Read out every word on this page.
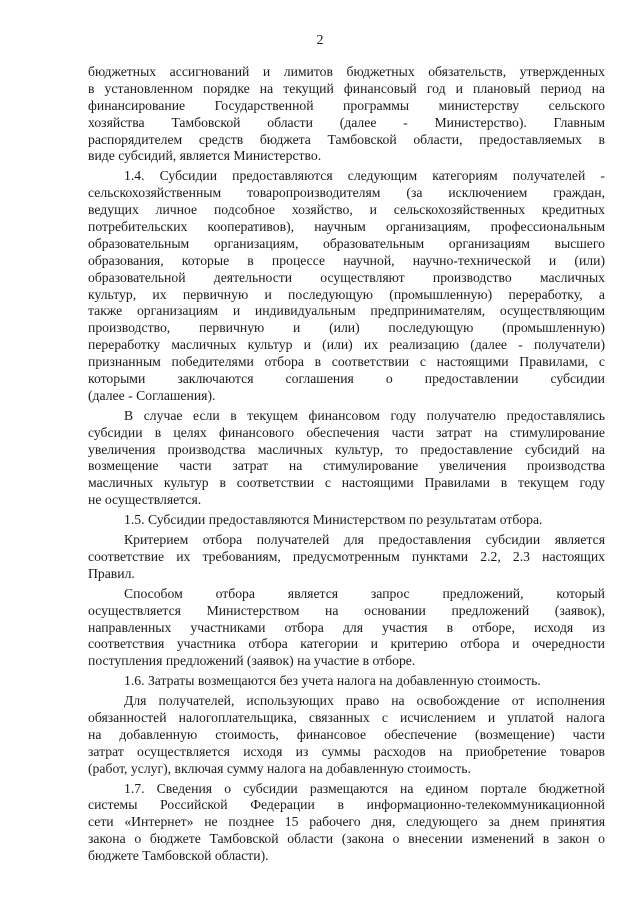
2
бюджетных ассигнований и лимитов бюджетных обязательств, утвержденных
в установленном порядке на текущий финансовый год и плановый период на
финансирование Государственной программы министерству сельского
хозяйства Тамбовской области (далее - Министерство). Главным
распорядителем средств бюджета Тамбовской области, предоставляемых в
виде субсидий, является Министерство.
1.4. Субсидии предоставляются следующим категориям получателей -
сельскохозяйственным товаропроизводителям (за исключением граждан,
ведущих личное подсобное хозяйство, и сельскохозяйственных кредитных
потребительских кооперативов), научным организациям, профессиональным
образовательным организациям, образовательным организациям высшего
образования, которые в процессе научной, научно-технической и (или)
образовательной деятельности осуществляют производство масличных
культур, их первичную и последующую (промышленную) переработку, а
также организациям и индивидуальным предпринимателям, осуществляющим
производство, первичную и (или) последующую (промышленную)
переработку масличных культур и (или) их реализацию (далее - получатели)
признанным победителями отбора в соответствии с настоящими Правилами, с
которыми заключаются соглашения о предоставлении субсидии
(далее - Соглашения).
В случае если в текущем финансовом году получателю предоставлялись
субсидии в целях финансового обеспечения части затрат на стимулирование
увеличения производства масличных культур, то предоставление субсидий на
возмещение части затрат на стимулирование увеличения производства
масличных культур в соответствии с настоящими Правилами в текущем году
не осуществляется.
1.5. Субсидии предоставляются Министерством по результатам отбора.
Критерием отбора получателей для предоставления субсидии является
соответствие их требованиям, предусмотренным пунктами 2.2, 2.3 настоящих
Правил.
Способом отбора является запрос предложений, который
осуществляется Министерством на основании предложений (заявок),
направленных участниками отбора для участия в отборе, исходя из
соответствия участника отбора категории и критерию отбора и очередности
поступления предложений (заявок) на участие в отборе.
1.6. Затраты возмещаются без учета налога на добавленную стоимость.
Для получателей, использующих право на освобождение от исполнения
обязанностей налогоплательщика, связанных с исчислением и уплатой налога
на добавленную стоимость, финансовое обеспечение (возмещение) части
затрат осуществляется исходя из суммы расходов на приобретение товаров
(работ, услуг), включая сумму налога на добавленную стоимость.
1.7. Сведения о субсидии размещаются на едином портале бюджетной
системы Российской Федерации в информационно-телекоммуникационной
сети «Интернет» не позднее 15 рабочего дня, следующего за днем принятия
закона о бюджете Тамбовской области (закона о внесении изменений в закон о
бюджете Тамбовской области).
